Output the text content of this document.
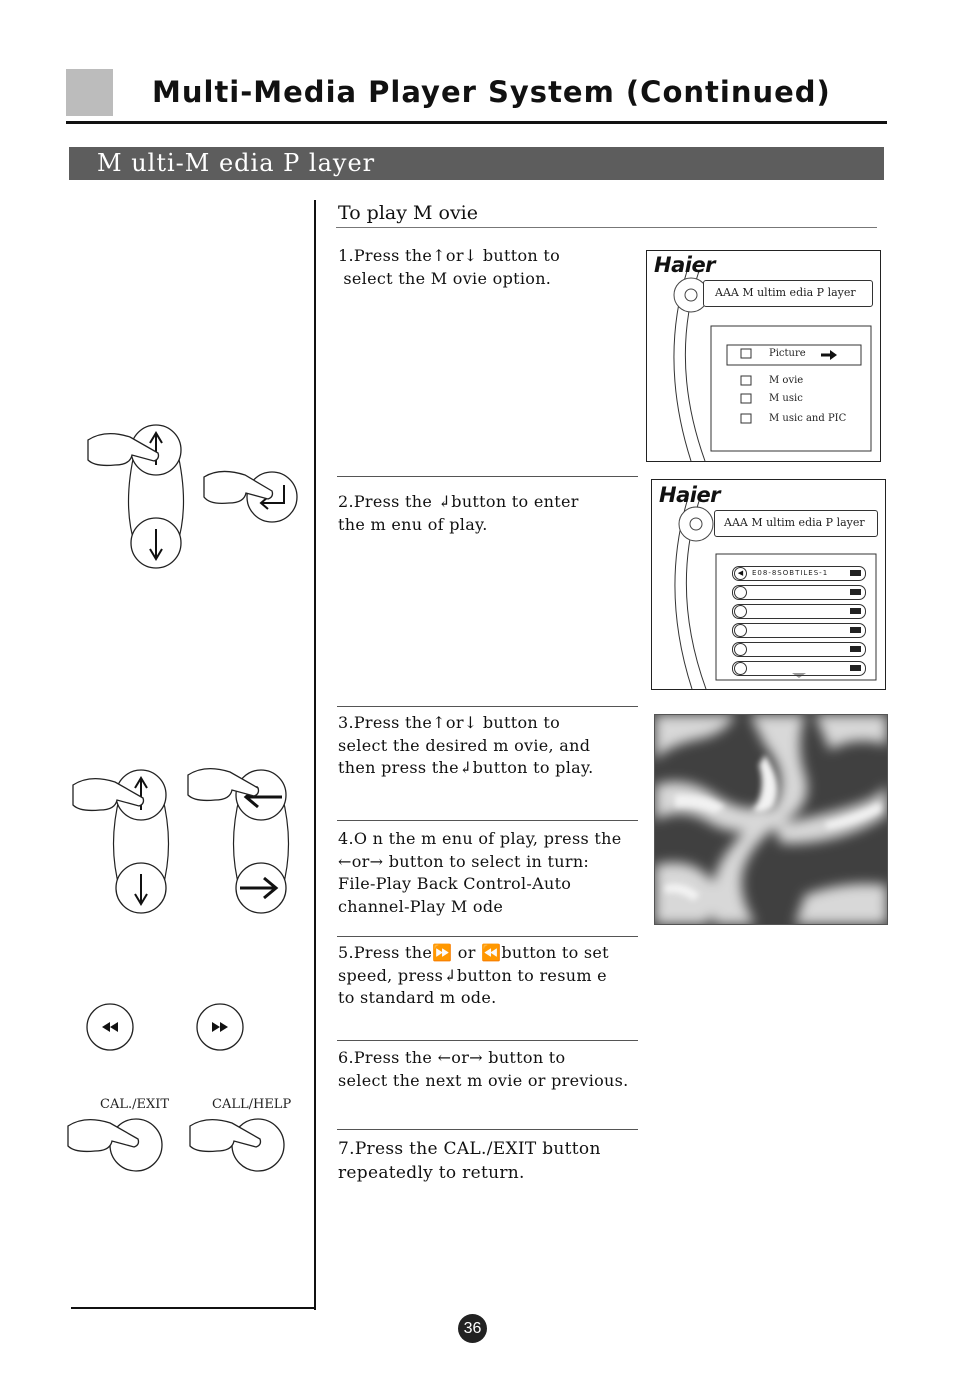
Multi-Media Player System (Continued)
M ulti-M edia P layer
To play M ovie
1.Press the↑or↓ button to
select the M ovie option.
2.Press the ↲button to enter
the m enu of play.
3.Press the↑or↓ button to
select the desired m ovie, and
then press the↲button to play.
4.O n the m enu of play, press the
←or→ button to select in turn:
File-Play Back Control-Auto
channel-Play M ode
5.Press the⏩ or ⏪button to set
speed, press↲button to resum e
to standard m ode.
6.Press the ←or→ button to
select the next m ovie or previous.
7.Press the CAL./EXIT button
repeatedly to return.
Haier
AAA M ultim edia P layer
Picture
M ovie
M usic
M usic and PIC
Haier
AAA M ultim edia P layer
◀	E08-8SOBTILES-1
CAL./EXIT	CALL/HELP
36
